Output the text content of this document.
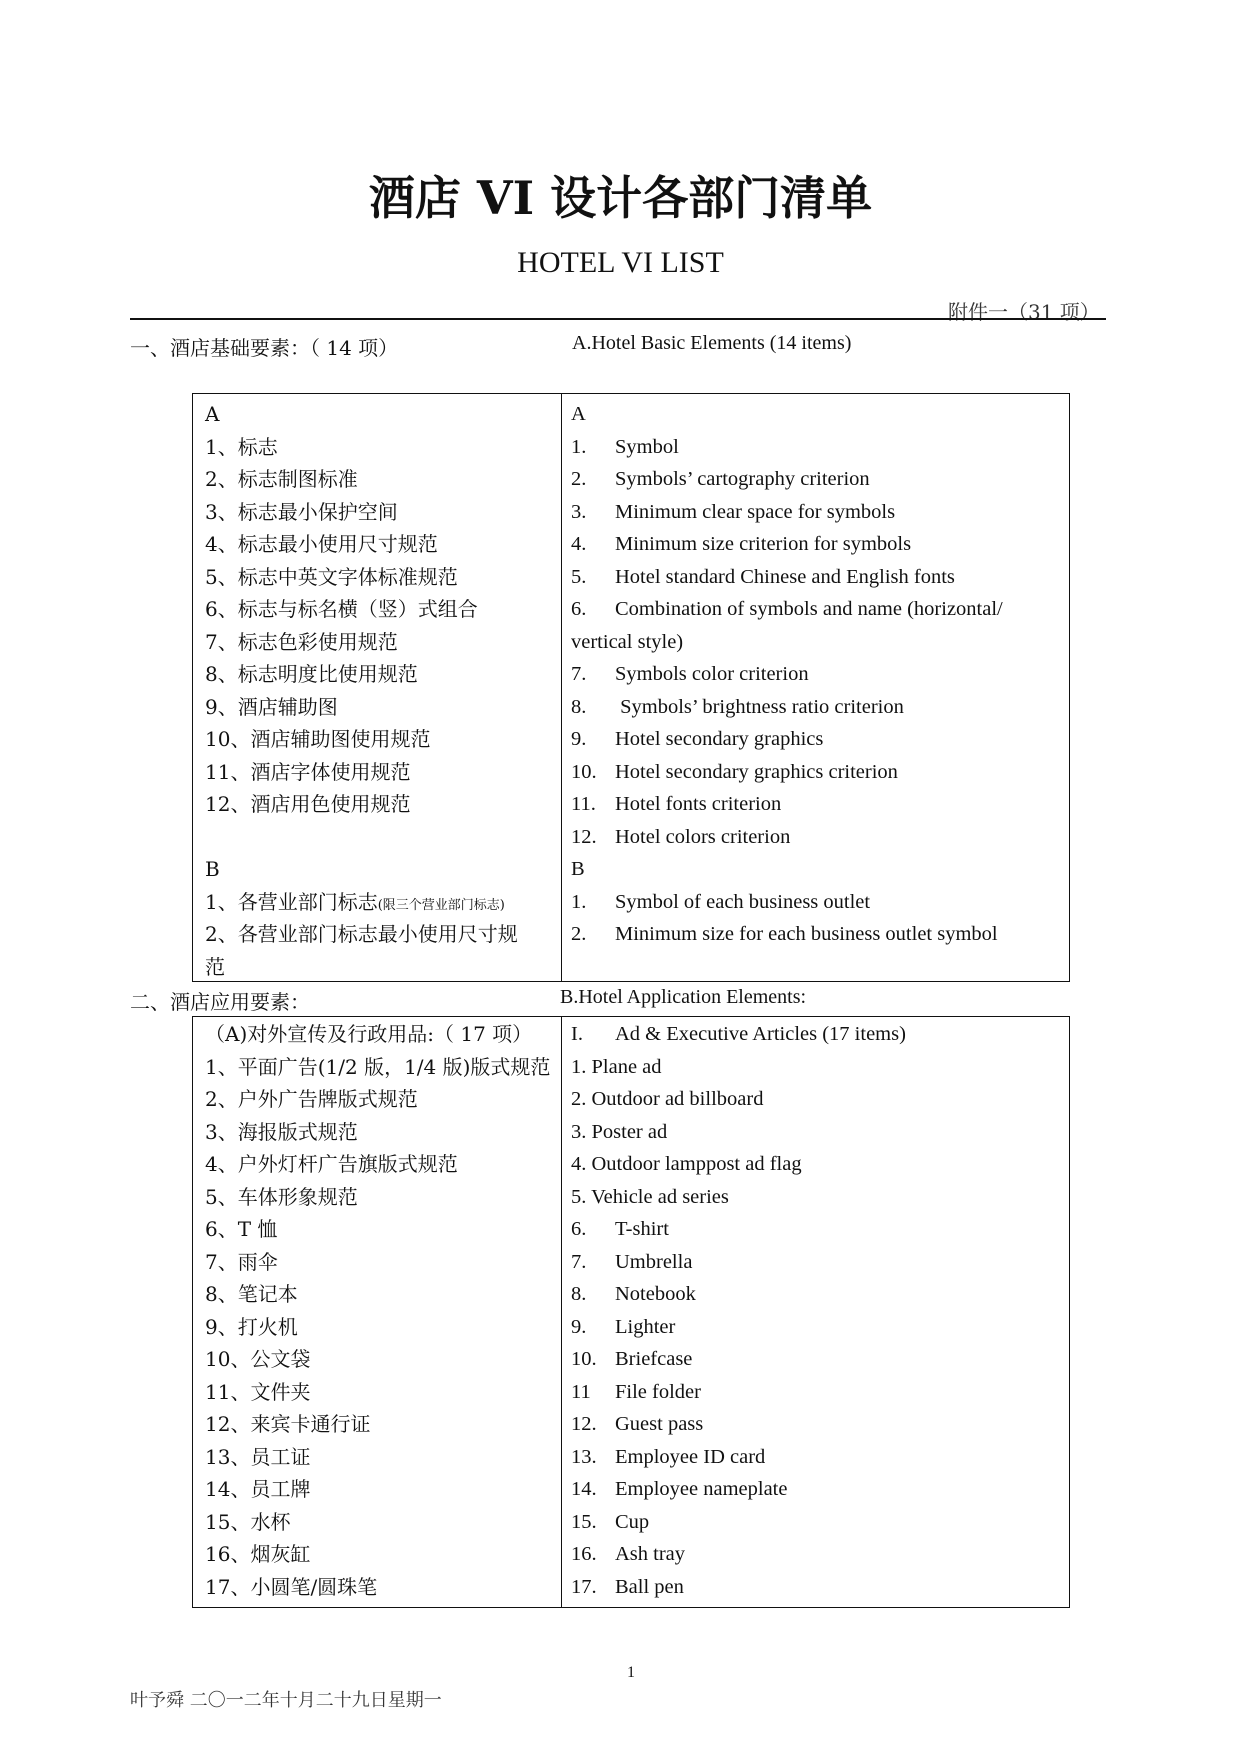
酒店 VI 设计各部门清单
HOTEL VI LIST
附件一（31 项）
一、酒店基础要素：（ 14 项）	A.Hotel Basic Elements (14 items)
A
1、标志
2、标志制图标准
3、标志最小保护空间
4、标志最小使用尺寸规范
5、标志中英文字体标准规范
6、标志与标名横（竖）式组合
7、标志色彩使用规范
8、标志明度比使用规范
9、酒店辅助图
10、酒店辅助图使用规范
11、酒店字体使用规范
12、酒店用色使用规范
B
1、各营业部门标志(限三个营业部门标志)
2、各营业部门标志最小使用尺寸规
范
A
1. Symbol
2. Symbols’ cartography criterion
3. Minimum clear space for symbols
4. Minimum size criterion for symbols
5. Hotel standard Chinese and English fonts
6. Combination of symbols and name (horizontal/
vertical style)
7. Symbols color criterion
8. Symbols’ brightness ratio criterion
9. Hotel secondary graphics
10. Hotel secondary graphics criterion
11. Hotel fonts criterion
12. Hotel colors criterion
B
1. Symbol of each business outlet
2. Minimum size for each business outlet symbol
二、酒店应用要素：	B.Hotel Application Elements:
（A)对外宣传及行政用品:（ 17 项）
1、平面广告(1/2 版，1/4 版)版式规范
2、户外广告牌版式规范
3、海报版式规范
4、户外灯杆广告旗版式规范
5、车体形象规范
6、T 恤
7、雨伞
8、笔记本
9、打火机
10、公文袋
11、文件夹
12、来宾卡通行证
13、员工证
14、员工牌
15、水杯
16、烟灰缸
17、小圆笔/圆珠笔
I. Ad & Executive Articles (17 items)
1. Plane ad
2. Outdoor ad billboard
3. Poster ad
4. Outdoor lamppost ad flag
5. Vehicle ad series
6. T-shirt
7. Umbrella
8. Notebook
9. Lighter
10. Briefcase
11 File folder
12. Guest pass
13. Employee ID card
14. Employee nameplate
15. Cup
16. Ash tray
17. Ball pen
1
叶予舜 二〇一二年十月二十九日星期一
